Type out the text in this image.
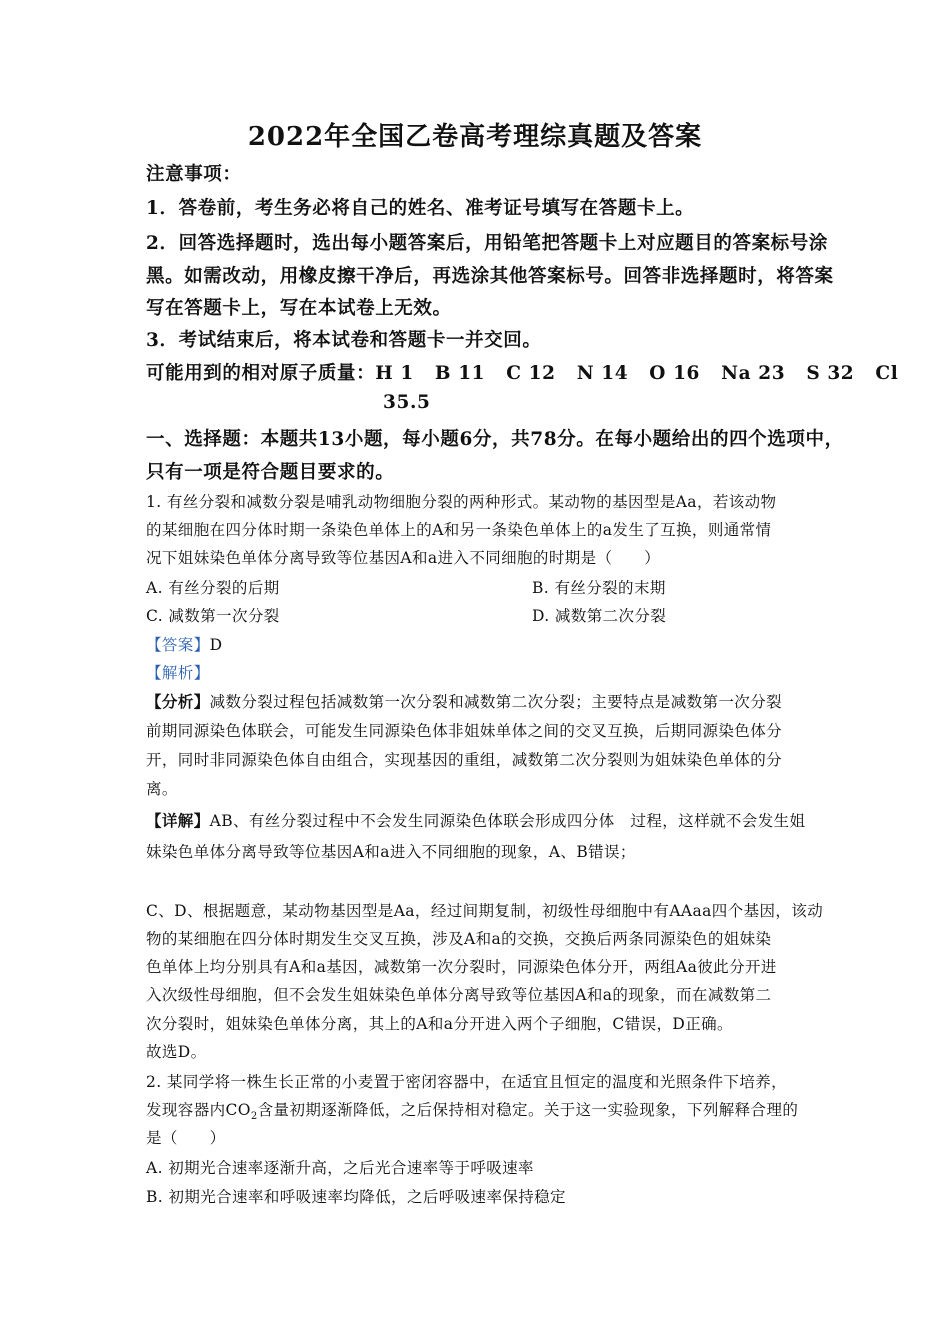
2022年全国乙卷高考理综真题及答案
注意事项：
1．答卷前，考生务必将自己的姓名、准考证号填写在答题卡上。
2．回答选择题时，选出每小题答案后，用铅笔把答题卡上对应题目的答案标号涂
黑。如需改动，用橡皮擦干净后，再选涂其他答案标号。回答非选择题时，将答案
写在答题卡上，写在本试卷上无效。
3．考试结束后，将本试卷和答题卡一并交回。
可能用到的相对原子质量：H 1   B 11   C 12   N 14   O 16   Na 23   S 32   Cl
35.5
一、选择题：本题共13小题，每小题6分，共78分。在每小题给出的四个选项中，
只有一项是符合题目要求的。
1. 有丝分裂和减数分裂是哺乳动物细胞分裂的两种形式。某动物的基因型是Aa，若该动物
的某细胞在四分体时期一条染色单体上的A和另一条染色单体上的a发生了互换，则通常情
况下姐妹染色单体分离导致等位基因A和a进入不同细胞的时期是（　　）
A. 有丝分裂的后期	B. 有丝分裂的末期
C. 减数第一次分裂	D. 减数第二次分裂
【答案】D
【解析】
【分析】减数分裂过程包括减数第一次分裂和减数第二次分裂；主要特点是减数第一次分裂
前期同源染色体联会，可能发生同源染色体非姐妹单体之间的交叉互换，后期同源染色体分
开，同时非同源染色体自由组合，实现基因的重组，减数第二次分裂则为姐妹染色单体的分
离。
【详解】AB、有丝分裂过程中不会发生同源染色体联会形成四分体　过程，这样就不会发生姐
妹染色单体分离导致等位基因A和a进入不同细胞的现象，A、B错误；
C、D、根据题意，某动物基因型是Aa，经过间期复制，初级性母细胞中有AAaa四个基因，该动
物的某细胞在四分体时期发生交叉互换，涉及A和a的交换，交换后两条同源染色的姐妹染
色单体上均分别具有A和a基因，减数第一次分裂时，同源染色体分开，两组Aa彼此分开进
入次级性母细胞，但不会发生姐妹染色单体分离导致等位基因A和a的现象，而在减数第二
次分裂时，姐妹染色单体分离，其上的A和a分开进入两个子细胞，C错误，D正确。
故选D。
2. 某同学将一株生长正常的小麦置于密闭容器中，在适宜且恒定的温度和光照条件下培养，
发现容器内$CO_2$含量初期逐渐降低，之后保持相对稳定。关于这一实验现象，下列解释合理的
是（　　）
A. 初期光合速率逐渐升高，之后光合速率等于呼吸速率
B. 初期光合速率和呼吸速率均降低，之后呼吸速率保持稳定
